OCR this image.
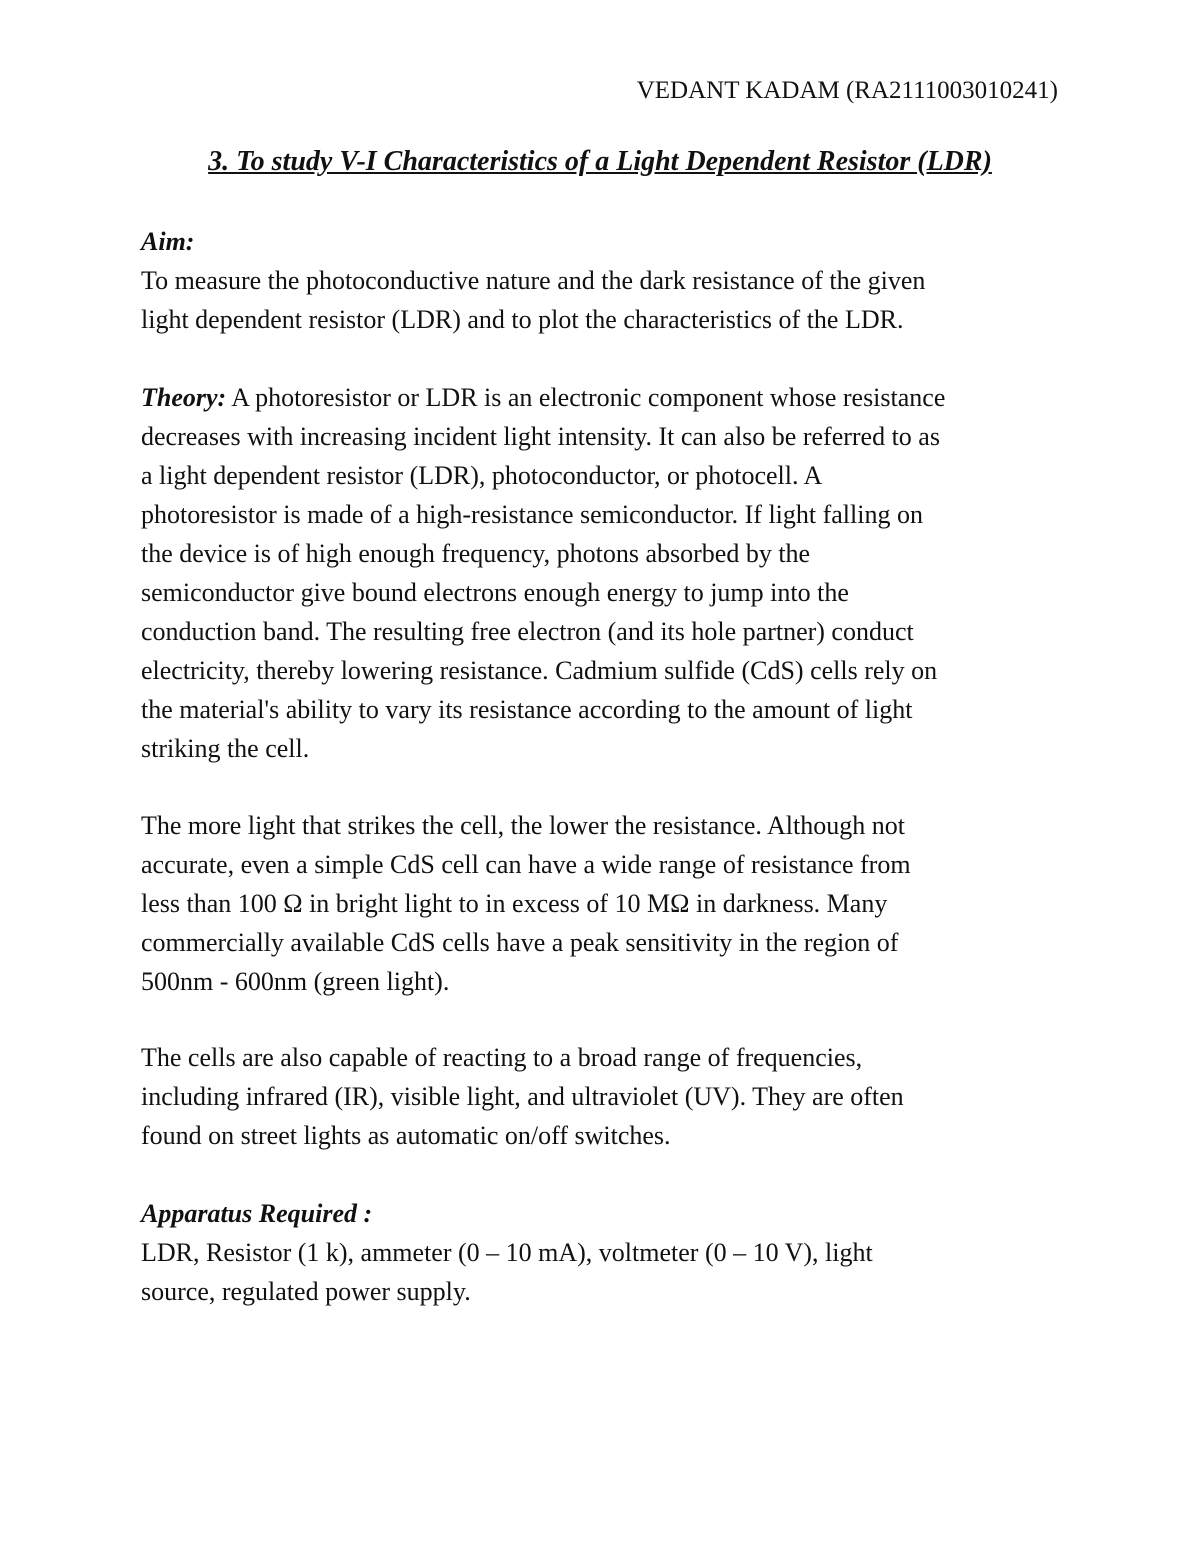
VEDANT KADAM (RA2111003010241)
3. To study V-I Characteristics of a Light Dependent Resistor (LDR)
Aim:
To measure the photoconductive nature and the dark resistance of the given
light dependent resistor (LDR) and to plot the characteristics of the LDR.
Theory: A photoresistor or LDR is an electronic component whose resistance
decreases with increasing incident light intensity. It can also be referred to as
a light dependent resistor (LDR), photoconductor, or photocell. A
photoresistor is made of a high-resistance semiconductor. If light falling on
the device is of high enough frequency, photons absorbed by the
semiconductor give bound electrons enough energy to jump into the
conduction band. The resulting free electron (and its hole partner) conduct
electricity, thereby lowering resistance. Cadmium sulfide (CdS) cells rely on
the material's ability to vary its resistance according to the amount of light
striking the cell.
The more light that strikes the cell, the lower the resistance. Although not
accurate, even a simple CdS cell can have a wide range of resistance from
less than 100 Ω in bright light to in excess of 10 MΩ in darkness. Many
commercially available CdS cells have a peak sensitivity in the region of
500nm - 600nm (green light).
The cells are also capable of reacting to a broad range of frequencies,
including infrared (IR), visible light, and ultraviolet (UV). They are often
found on street lights as automatic on/off switches.
Apparatus Required :
LDR, Resistor (1 k), ammeter (0 – 10 mA), voltmeter (0 – 10 V), light
source, regulated power supply.
